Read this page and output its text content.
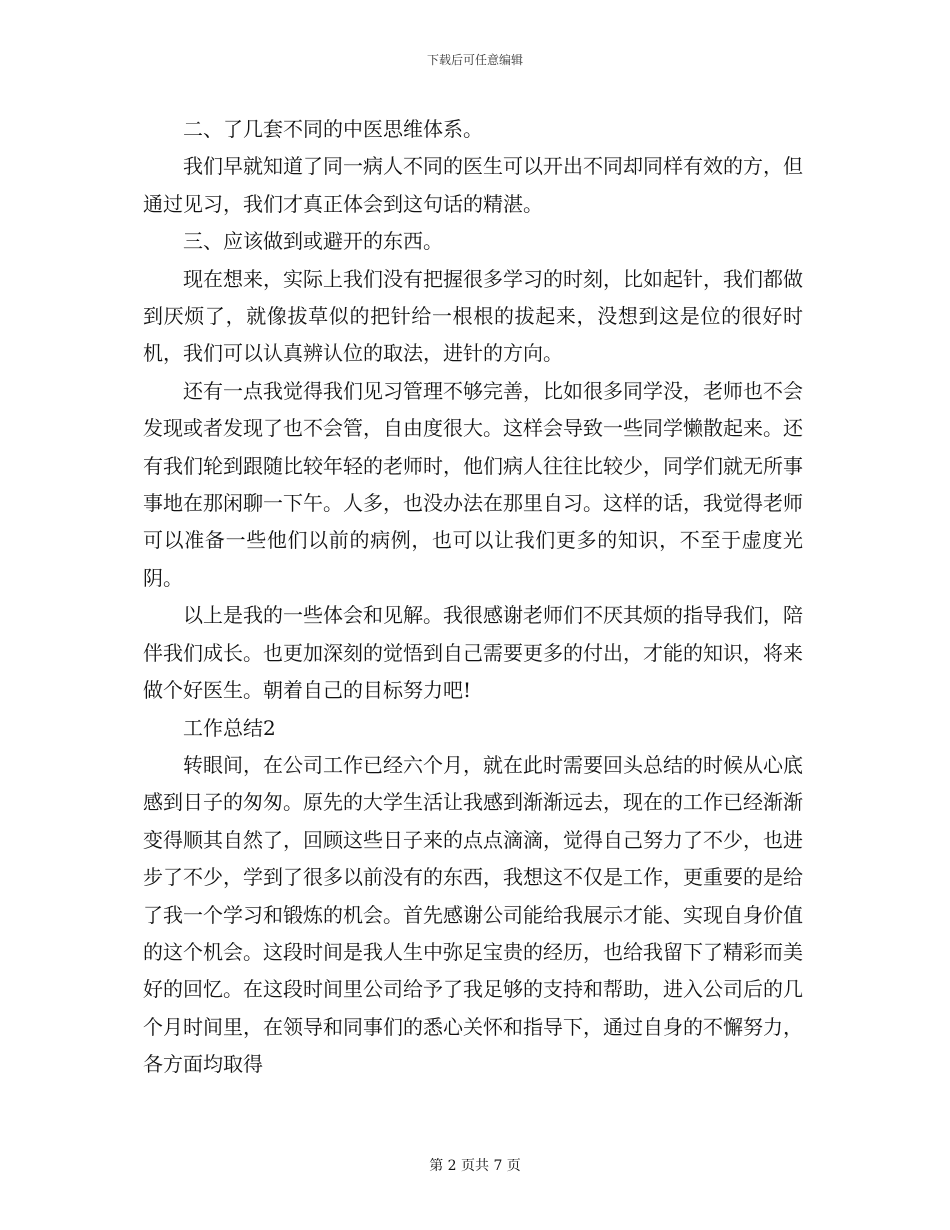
下载后可任意编辑

二、了几套不同的中医思维体系。

我们早就知道了同一病人不同的医生可以开出不同却同样有效的方，但通过见习，我们才真正体会到这句话的精湛。

三、应该做到或避开的东西。

现在想来，实际上我们没有把握很多学习的时刻，比如起针，我们都做到厌烦了，就像拔草似的把针给一根根的拔起来，没想到这是位的很好时机，我们可以认真辨认位的取法，进针的方向。

还有一点我觉得我们见习管理不够完善，比如很多同学没，老师也不会发现或者发现了也不会管，自由度很大。这样会导致一些同学懒散起来。还有我们轮到跟随比较年轻的老师时，他们病人往往比较少，同学们就无所事事地在那闲聊一下午。人多，也没办法在那里自习。这样的话，我觉得老师可以准备一些他们以前的病例，也可以让我们更多的知识，不至于虚度光阴。

以上是我的一些体会和见解。我很感谢老师们不厌其烦的指导我们，陪伴我们成长。也更加深刻的觉悟到自己需要更多的付出，才能的知识，将来做个好医生。朝着自己的目标努力吧!

工作总结2

转眼间，在公司工作已经六个月，就在此时需要回头总结的时候从心底感到日子的匆匆。原先的大学生活让我感到渐渐远去，现在的工作已经渐渐变得顺其自然了，回顾这些日子来的点点滴滴，觉得自己努力了不少，也进步了不少，学到了很多以前没有的东西，我想这不仅是工作，更重要的是给了我一个学习和锻炼的机会。首先感谢公司能给我展示才能、实现自身价值的这个机会。这段时间是我人生中弥足宝贵的经历，也给我留下了精彩而美好的回忆。在这段时间里公司给予了我足够的支持和帮助，进入公司后的几个月时间里，在领导和同事们的悉心关怀和指导下，通过自身的不懈努力，各方面均取得

第 2 页共 7 页
